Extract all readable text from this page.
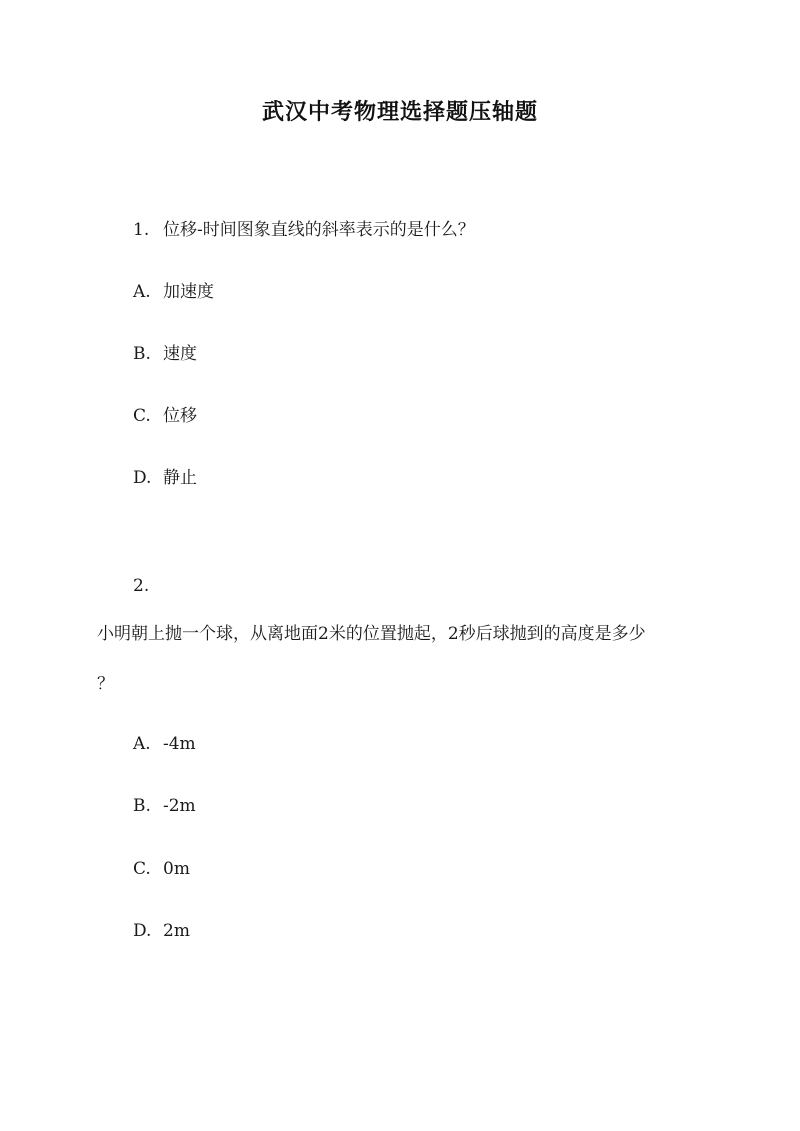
武汉中考物理选择题压轴题
1. 位移-时间图象直线的斜率表示的是什么？
A. 加速度
B. 速度
C. 位移
D. 静止
2.
小明朝上抛一个球，从离地面2米的位置抛起，2秒后球抛到的高度是多少
？
A. -4m
B. -2m
C. 0m
D. 2m
